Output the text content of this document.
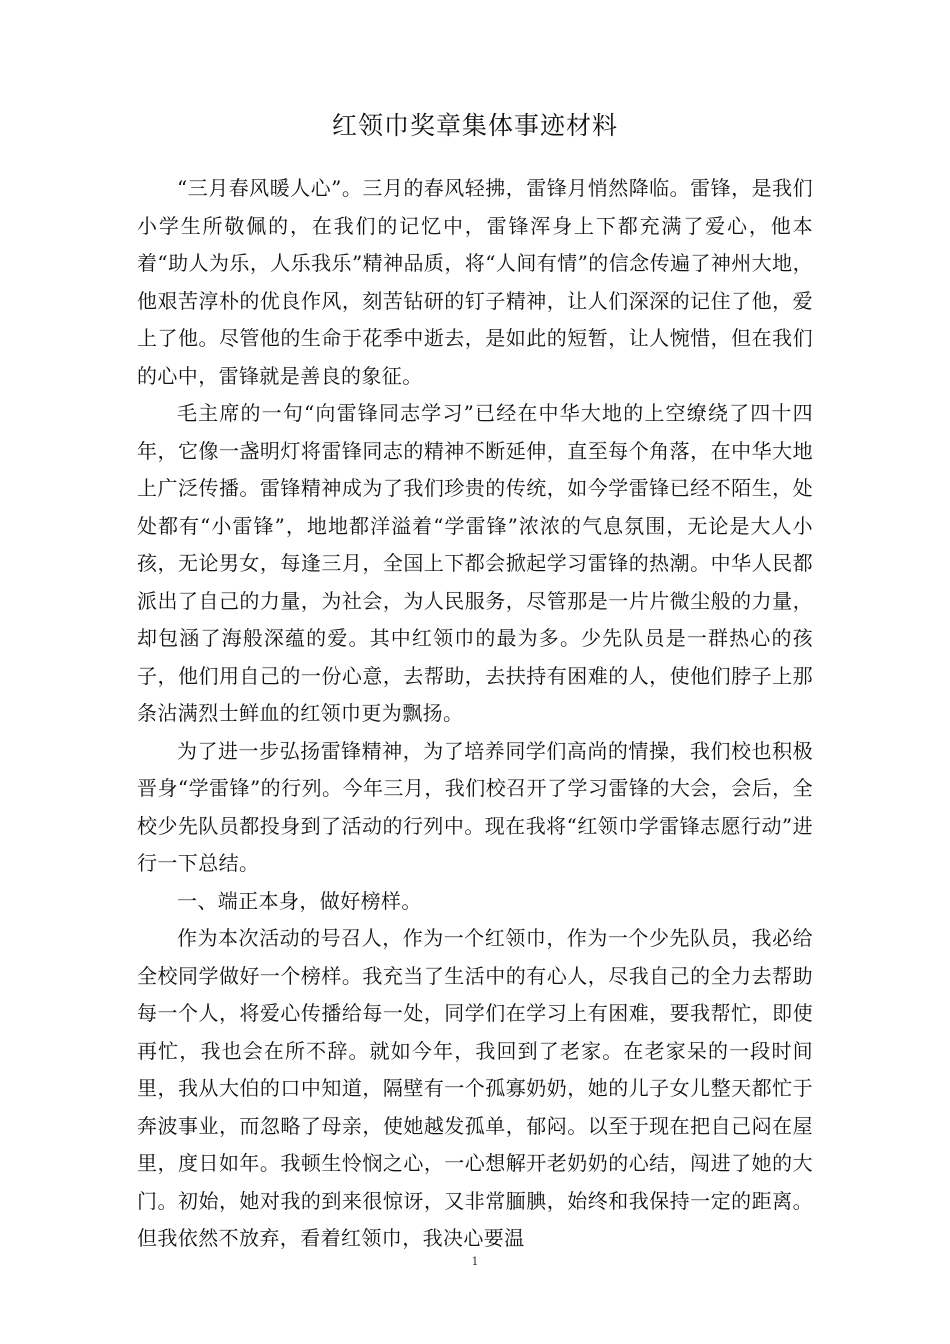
红领巾奖章集体事迹材料

“三月春风暖人心”。三月的春风轻拂，雷锋月悄然降临。雷锋，是我们小学生所敬佩的，在我们的记忆中，雷锋浑身上下都充满了爱心，他本着“助人为乐，人乐我乐”精神品质，将“人间有情”的信念传遍了神州大地，他艰苦淳朴的优良作风，刻苦钻研的钉子精神，让人们深深的记住了他，爱上了他。尽管他的生命于花季中逝去，是如此的短暂，让人惋惜，但在我们的心中，雷锋就是善良的象征。

毛主席的一句“向雷锋同志学习”已经在中华大地的上空缭绕了四十四年，它像一盏明灯将雷锋同志的精神不断延伸，直至每个角落，在中华大地上广泛传播。雷锋精神成为了我们珍贵的传统，如今学雷锋已经不陌生，处处都有“小雷锋”，地地都洋溢着“学雷锋”浓浓的气息氛围，无论是大人小孩，无论男女，每逢三月，全国上下都会掀起学习雷锋的热潮。中华人民都派出了自己的力量，为社会，为人民服务，尽管那是一片片微尘般的力量，却包涵了海般深蕴的爱。其中红领巾的最为多。少先队员是一群热心的孩子，他们用自己的一份心意，去帮助，去扶持有困难的人，使他们脖子上那条沾满烈士鲜血的红领巾更为飘扬。

为了进一步弘扬雷锋精神，为了培养同学们高尚的情操，我们校也积极晋身“学雷锋”的行列。今年三月，我们校召开了学习雷锋的大会，会后，全校少先队员都投身到了活动的行列中。现在我将“红领巾学雷锋志愿行动”进行一下总结。

一、端正本身，做好榜样。

作为本次活动的号召人，作为一个红领巾，作为一个少先队员，我必给全校同学做好一个榜样。我充当了生活中的有心人，尽我自己的全力去帮助每一个人，将爱心传播给每一处，同学们在学习上有困难，要我帮忙，即使再忙，我也会在所不辞。就如今年，我回到了老家。在老家呆的一段时间里，我从大伯的口中知道，隔壁有一个孤寡奶奶，她的儿子女儿整天都忙于奔波事业，而忽略了母亲，使她越发孤单，郁闷。以至于现在把自己闷在屋里，度日如年。我顿生怜悯之心，一心想解开老奶奶的心结，闯进了她的大门。初始，她对我的到来很惊讶，又非常腼腆，始终和我保持一定的距离。但我依然不放弃，看着红领巾，我决心要温

1
